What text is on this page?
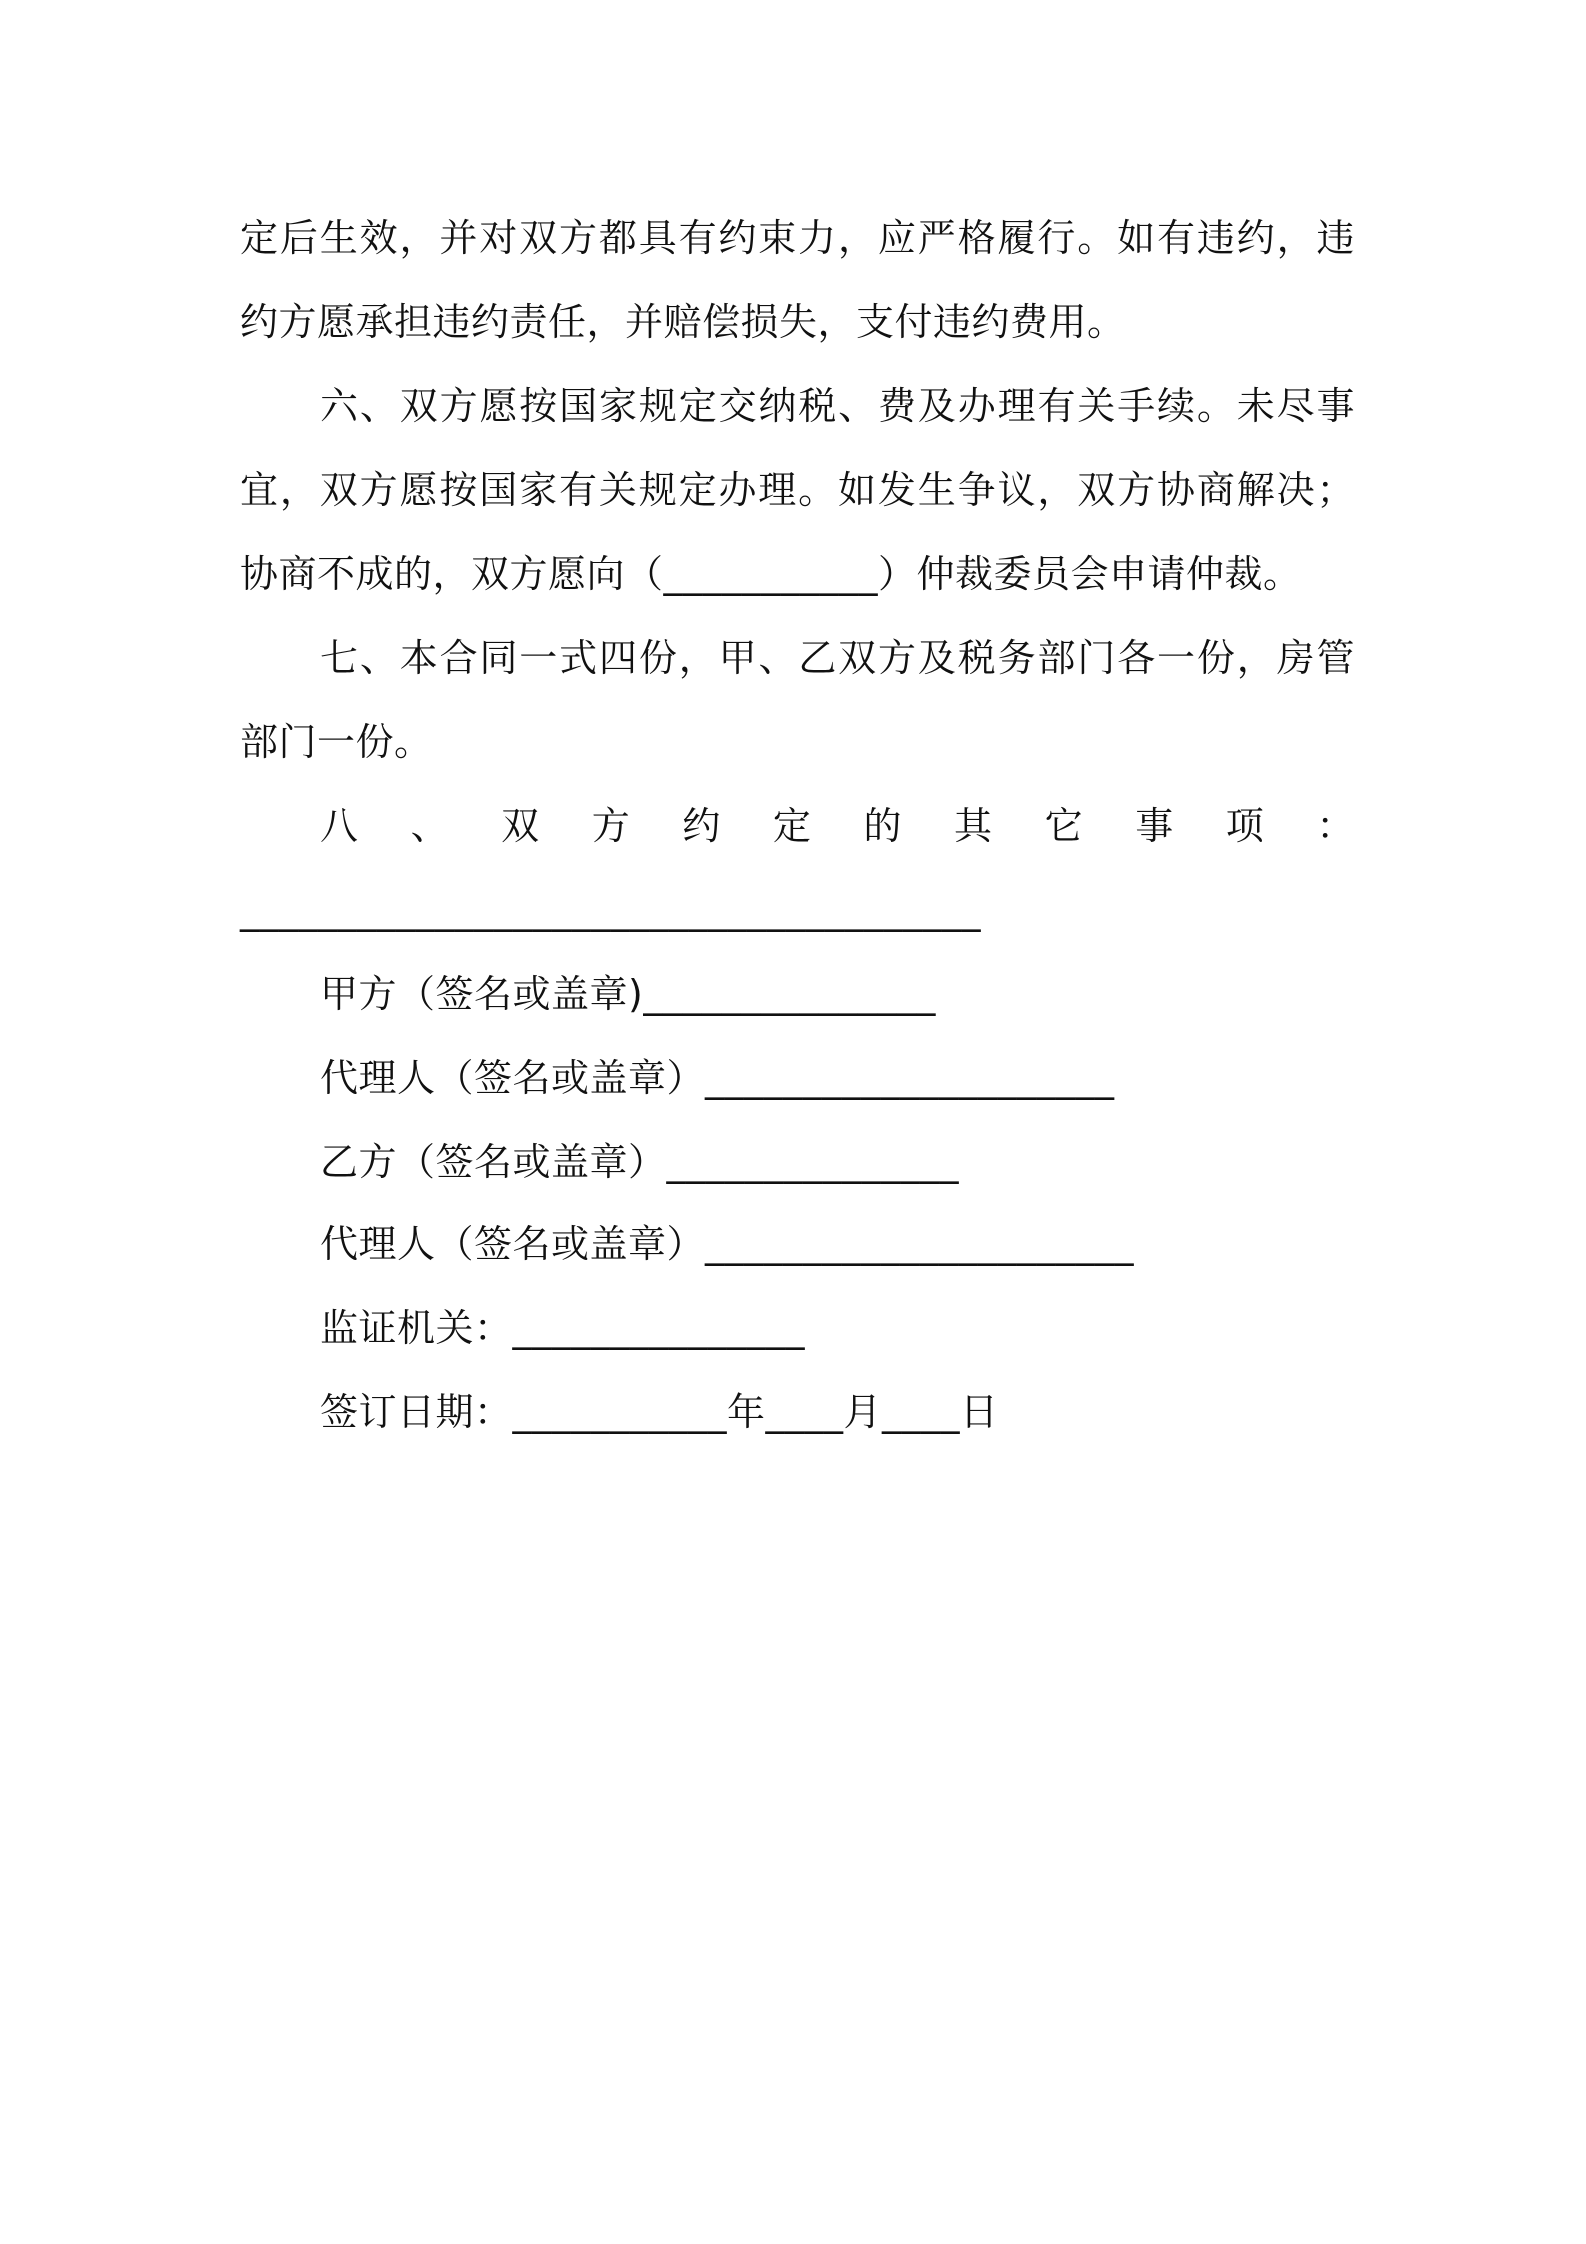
定后生效，并对双方都具有约束力，应严格履行。如有违约，违约方愿承担违约责任，并赔偿损失，支付违约费用。

六、双方愿按国家规定交纳税、费及办理有关手续。未尽事宜，双方愿按国家有关规定办理。如发生争议，双方协商解决；协商不成的，双方愿向（___________）仲裁委员会申请仲裁。

七、本合同一式四份，甲、乙双方及税务部门各一份，房管部门一份。

八 、 双 方 约 定 的 其 它 事 项 ：

______________________________________

甲方（签名或盖章)_______________

代理人（签名或盖章）_____________________

乙方（签名或盖章）_______________

代理人（签名或盖章）______________________

监证机关：_______________

签订日期：___________年____月____日
